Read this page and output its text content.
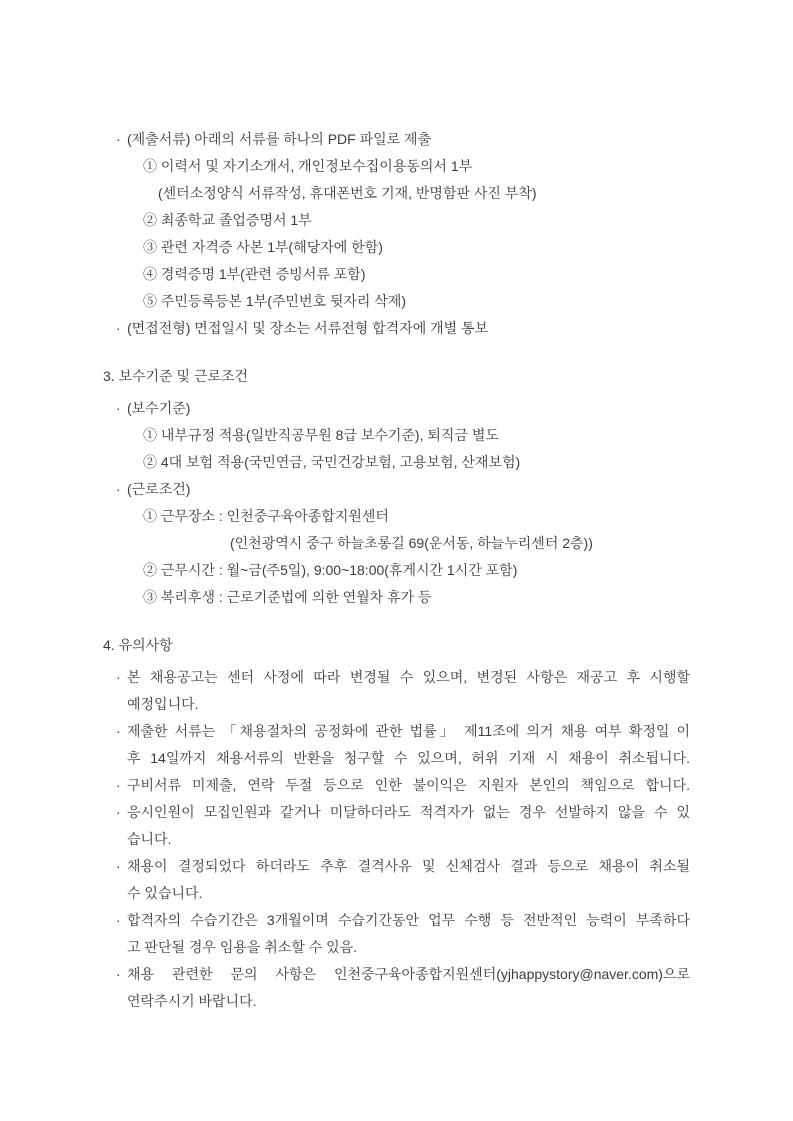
· (제출서류) 아래의 서류를 하나의 PDF 파일로 제출
① 이력서 및 자기소개서, 개인정보수집이용동의서 1부
(센터소정양식 서류작성, 휴대폰번호 기재, 반명함판 사진 부착)
② 최종학교 졸업증명서 1부
③ 관련 자격증 사본 1부(해당자에 한함)
④ 경력증명 1부(관련 증빙서류 포함)
⑤ 주민등록등본 1부(주민번호 뒷자리 삭제)
· (면접전형) 면접일시 및 장소는 서류전형 합격자에 개별 통보
3. 보수기준 및 근로조건
· (보수기준)
① 내부규정 적용(일반직공무원 8급 보수기준), 퇴직금 별도
② 4대 보험 적용(국민연금, 국민건강보험, 고용보험, 산재보험)
· (근로조건)
① 근무장소 : 인천중구육아종합지원센터
(인천광역시 중구 하늘초롱길 69(운서동, 하늘누리센터 2층))
② 근무시간 : 월~금(주5일), 9:00~18:00(휴게시간 1시간 포함)
③ 복리후생 : 근로기준법에 의한 연월차 휴가 등
4. 유의사항
· 본 채용공고는 센터 사정에 따라 변경될 수 있으며, 변경된 사항은 재공고 후 시행할
예정입니다.
· 제출한 서류는 「채용절차의 공정화에 관한 법률」 제11조에 의거 채용 여부 확정일 이
후 14일까지 채용서류의 반환을 청구할 수 있으며, 허위 기재 시 채용이 취소됩니다.
· 구비서류 미제출, 연락 두절 등으로 인한 불이익은 지원자 본인의 책임으로 합니다.
· 응시인원이 모집인원과 같거나 미달하더라도 적격자가 없는 경우 선발하지 않을 수 있
습니다.
· 채용이 결정되었다 하더라도 추후 결격사유 및 신체검사 결과 등으로 채용이 취소될
수 있습니다.
· 합격자의 수습기간은 3개월이며 수습기간동안 업무 수행 등 전반적인 능력이 부족하다
고 판단될 경우 임용을 취소할 수 있음.
· 채용 관련한 문의 사항은 인천중구육아종합지원센터(yjhappystory@naver.com)으로
연락주시기 바랍니다.
